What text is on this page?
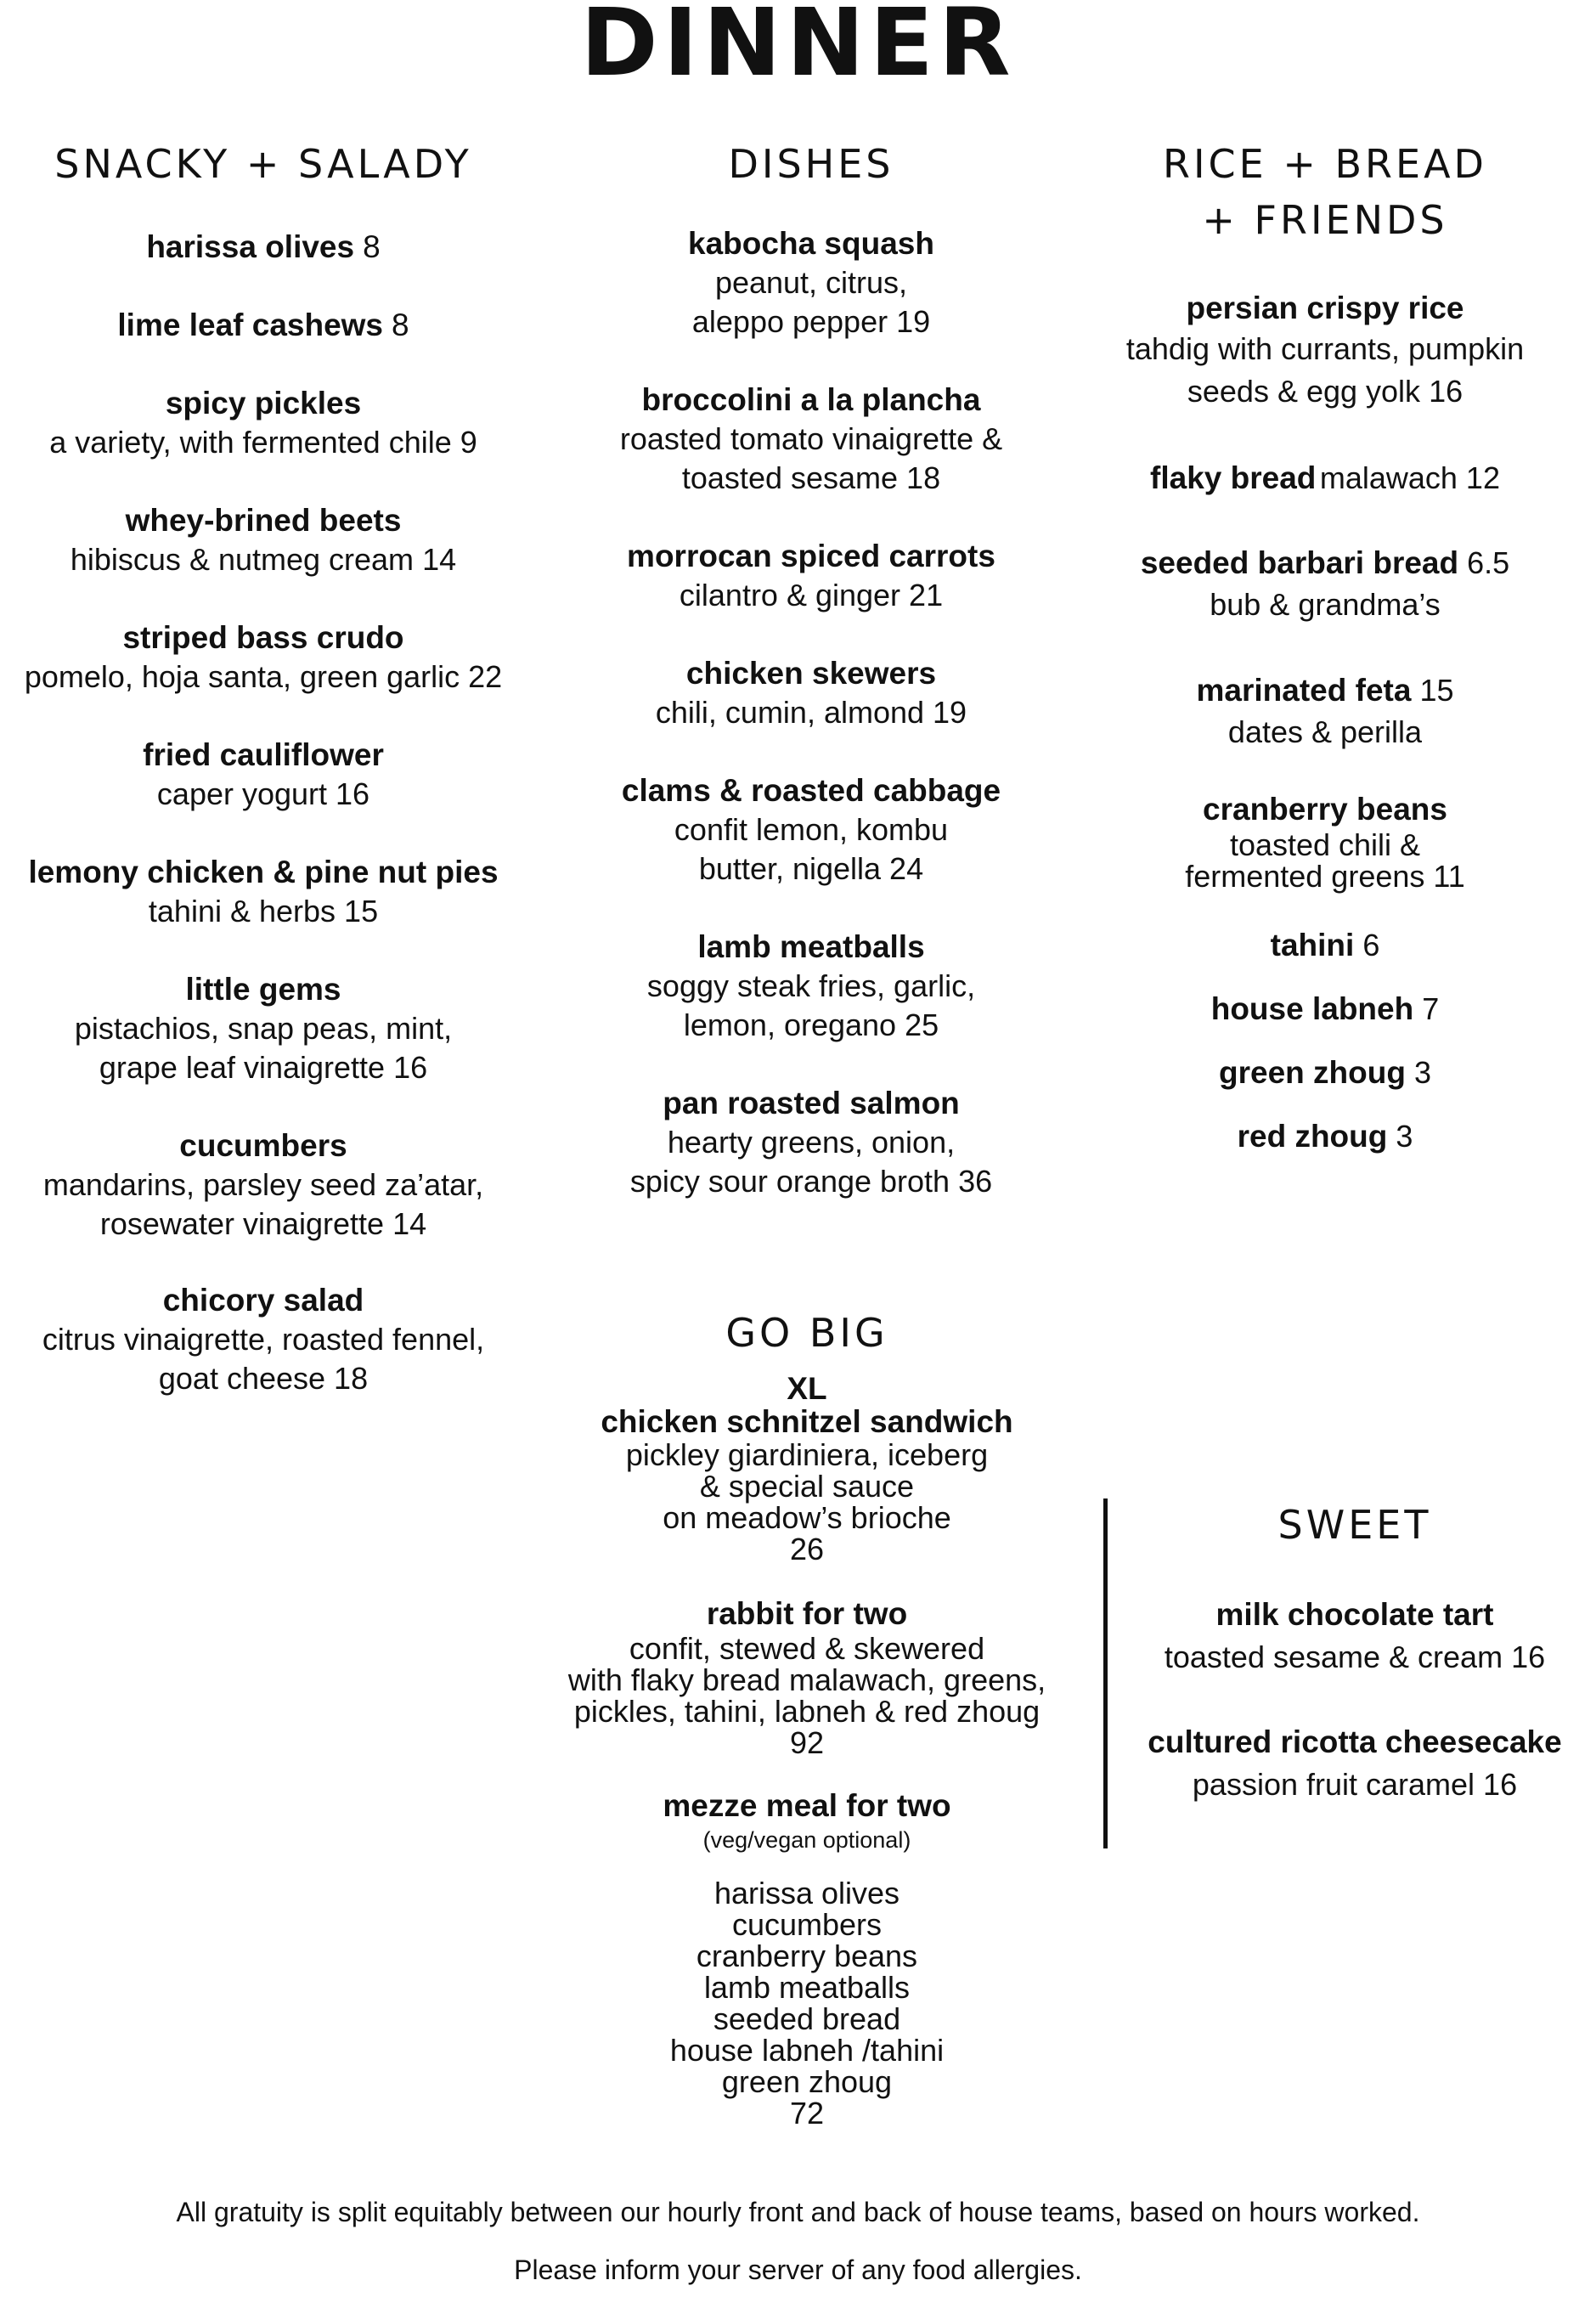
DINNER
SNACKY + SALADY
harissa olives 8
lime leaf cashews 8
spicy pickles
a variety, with fermented chile 9
whey-brined beets
hibiscus & nutmeg cream 14
striped bass crudo
pomelo, hoja santa, green garlic 22
fried cauliflower
caper yogurt 16
lemony chicken & pine nut pies
tahini & herbs 15
little gems
pistachios, snap peas, mint,
grape leaf vinaigrette 16
cucumbers
mandarins, parsley seed za’atar,
rosewater vinaigrette 14
chicory salad
citrus vinaigrette, roasted fennel,
goat cheese 18
DISHES
kabocha squash
peanut, citrus,
aleppo pepper 19
broccolini a la plancha
roasted tomato vinaigrette &
toasted sesame 18
morrocan spiced carrots
cilantro & ginger 21
chicken skewers
chili, cumin, almond 19
clams & roasted cabbage
confit lemon, kombu
butter, nigella 24
lamb meatballs
soggy steak fries, garlic,
lemon, oregano 25
pan roasted salmon
hearty greens, onion,
spicy sour orange broth 36
RICE + BREAD
+ FRIENDS
persian crispy rice
tahdig with currants, pumpkin
seeds & egg yolk 16
flaky bread malawach 12
seeded barbari bread 6.5
bub & grandma’s
marinated feta 15
dates & perilla
cranberry beans
toasted chili &
fermented greens 11
tahini 6
house labneh 7
green zhoug 3
red zhoug 3
GO BIG
XL
chicken schnitzel sandwich
pickley giardiniera, iceberg
& special sauce
on meadow’s brioche
26
rabbit for two
confit, stewed & skewered
with flaky bread malawach, greens,
pickles, tahini, labneh & red zhoug
92
mezze meal for two
(veg/vegan optional)
harissa olives
cucumbers
cranberry beans
lamb meatballs
seeded bread
house labneh /tahini
green zhoug
72
SWEET
milk chocolate tart
toasted sesame & cream 16
cultured ricotta cheesecake
passion fruit caramel 16
All gratuity is split equitably between our hourly front and back of house teams, based on hours worked.
Please inform your server of any food allergies.
